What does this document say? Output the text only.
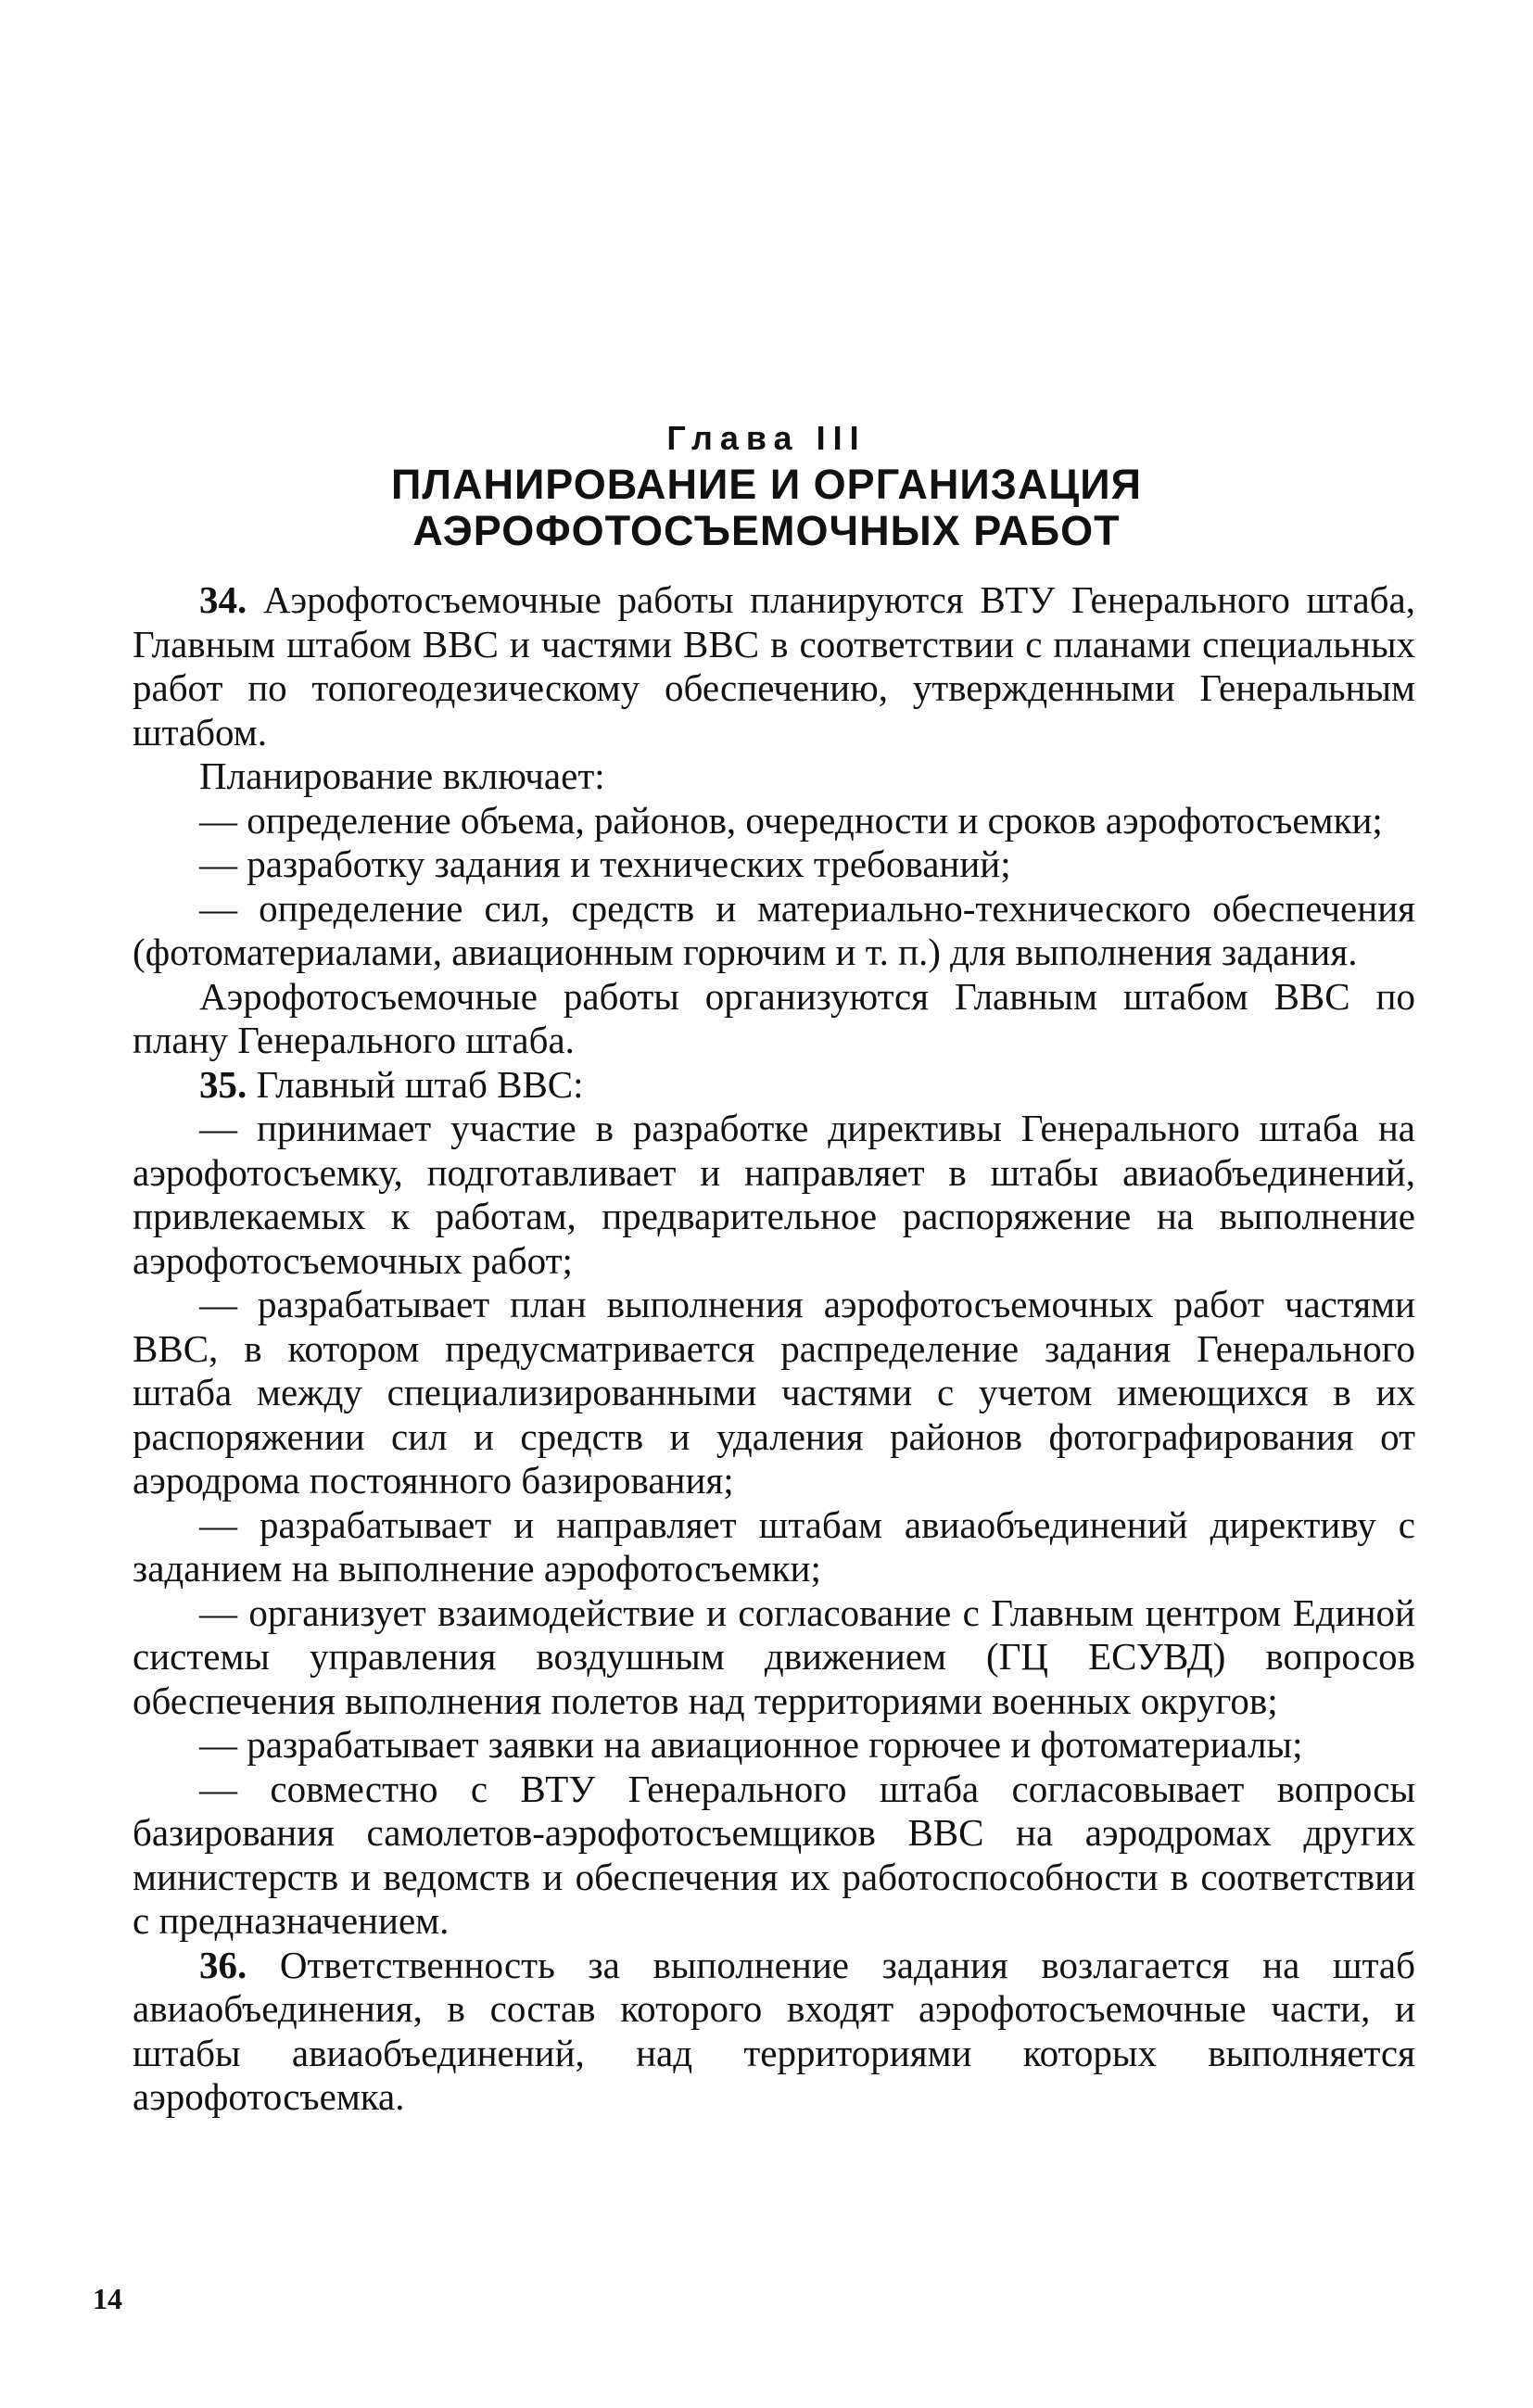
Глава III
ПЛАНИРОВАНИЕ И ОРГАНИЗАЦИЯ
АЭРОФОТОСЪЕМОЧНЫХ РАБОТ

34. Аэрофотосъемочные работы планируются ВТУ Генерального штаба, Главным штабом ВВС и частями ВВС в соответствии с планами специальных работ по топогеодезическому обеспечению, утвержденными Генеральным штабом.

Планирование включает:

— определение объема, районов, очередности и сроков аэрофотосъемки;

— разработку задания и технических требований;

— определение сил, средств и материально-технического обеспечения (фотоматериалами, авиационным горючим и т. п.) для выполнения задания.

Аэрофотосъемочные работы организуются Главным штабом ВВС по плану Генерального штаба.

35. Главный штаб ВВС:

— принимает участие в разработке директивы Генерального штаба на аэрофотосъемку, подготавливает и направляет в штабы авиаобъединений, привлекаемых к работам, предварительное распоряжение на выполнение аэрофотосъемочных работ;

— разрабатывает план выполнения аэрофотосъемочных работ частями ВВС, в котором предусматривается распределение задания Генерального штаба между специализированными частями с учетом имеющихся в их распоряжении сил и средств и удаления районов фотографирования от аэродрома постоянного базирования;

— разрабатывает и направляет штабам авиаобъединений директиву с заданием на выполнение аэрофотосъемки;

— организует взаимодействие и согласование с Главным центром Единой системы управления воздушным движением (ГЦ ЕСУВД) вопросов обеспечения выполнения полетов над территориями военных округов;

— разрабатывает заявки на авиационное горючее и фотоматериалы;

— совместно с ВТУ Генерального штаба согласовывает вопросы базирования самолетов-аэрофотосъемщиков ВВС на аэродромах других министерств и ведомств и обеспечения их работоспособности в соответствии с предназначением.

36. Ответственность за выполнение задания возлагается на штаб авиаобъединения, в состав которого входят аэрофотосъемочные части, и штабы авиаобъединений, над территориями которых выполняется аэрофотосъемка.

14
